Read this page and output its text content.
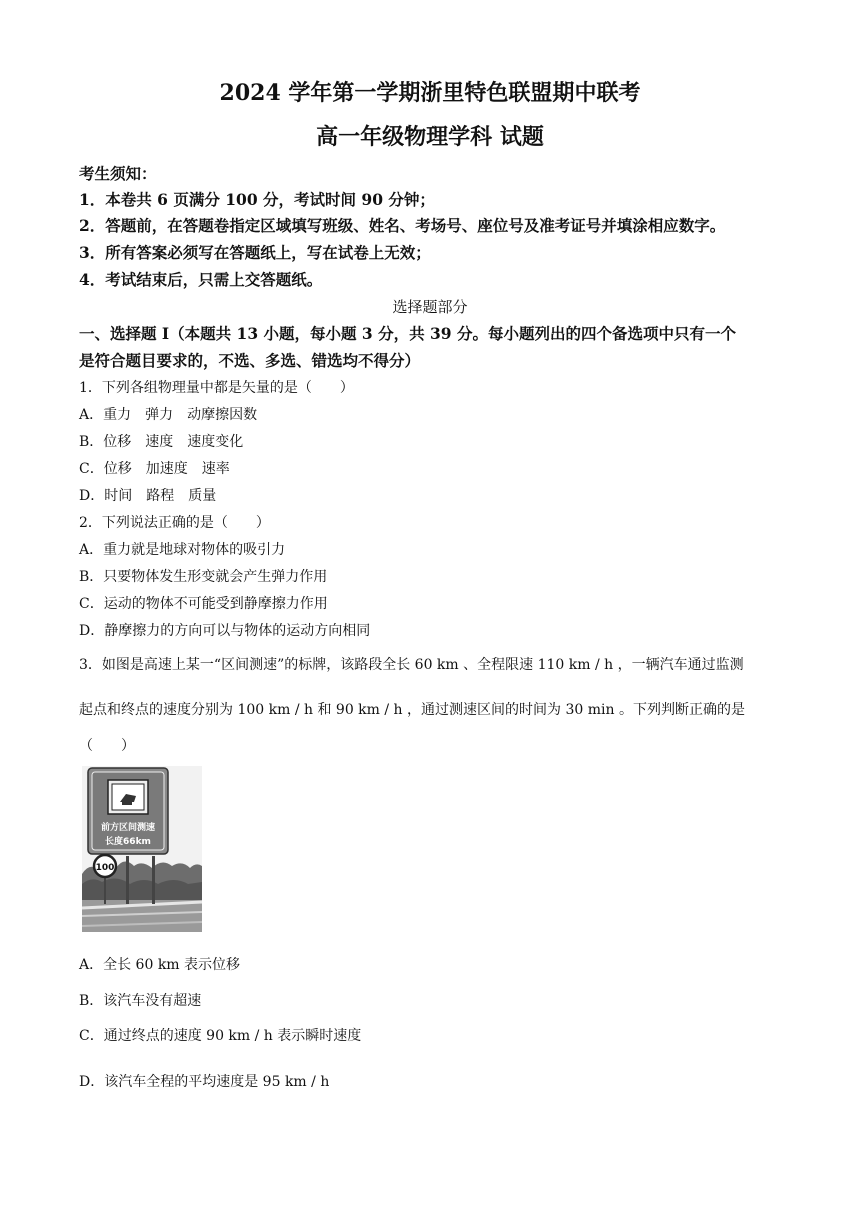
2024 学年第一学期浙里特色联盟期中联考
高一年级物理学科 试题
考生须知：
1．本卷共 6 页满分 100 分，考试时间 90 分钟；
2．答题前，在答题卷指定区域填写班级、姓名、考场号、座位号及准考证号并填涂相应数字。
3．所有答案必须写在答题纸上，写在试卷上无效；
4．考试结束后，只需上交答题纸。
选择题部分
一、选择题 I（本题共 13 小题，每小题 3 分，共 39 分。每小题列出的四个备选项中只有一个
是符合题目要求的，不选、多选、错选均不得分）
1．下列各组物理量中都是矢量的是（　　）
A．重力　弹力　动摩擦因数
B．位移　速度　速度变化
C．位移　加速度　速率
D．时间　路程　质量
2．下列说法正确的是（　　）
A．重力就是地球对物体的吸引力
B．只要物体发生形变就会产生弹力作用
C．运动的物体不可能受到静摩擦力作用
D．静摩擦力的方向可以与物体的运动方向相同
3．如图是高速上某一“区间测速”的标牌，该路段全长 60 km 、全程限速 110 km / h ，一辆汽车通过监测
起点和终点的速度分别为 100 km / h 和 90 km / h ，通过测速区间的时间为 30 min 。下列判断正确的是
（　　）
前方区间测速
长度66km
100
A．全长 60 km 表示位移
B．该汽车没有超速
C．通过终点的速度 90 km / h 表示瞬时速度
D．该汽车全程的平均速度是 95 km / h
